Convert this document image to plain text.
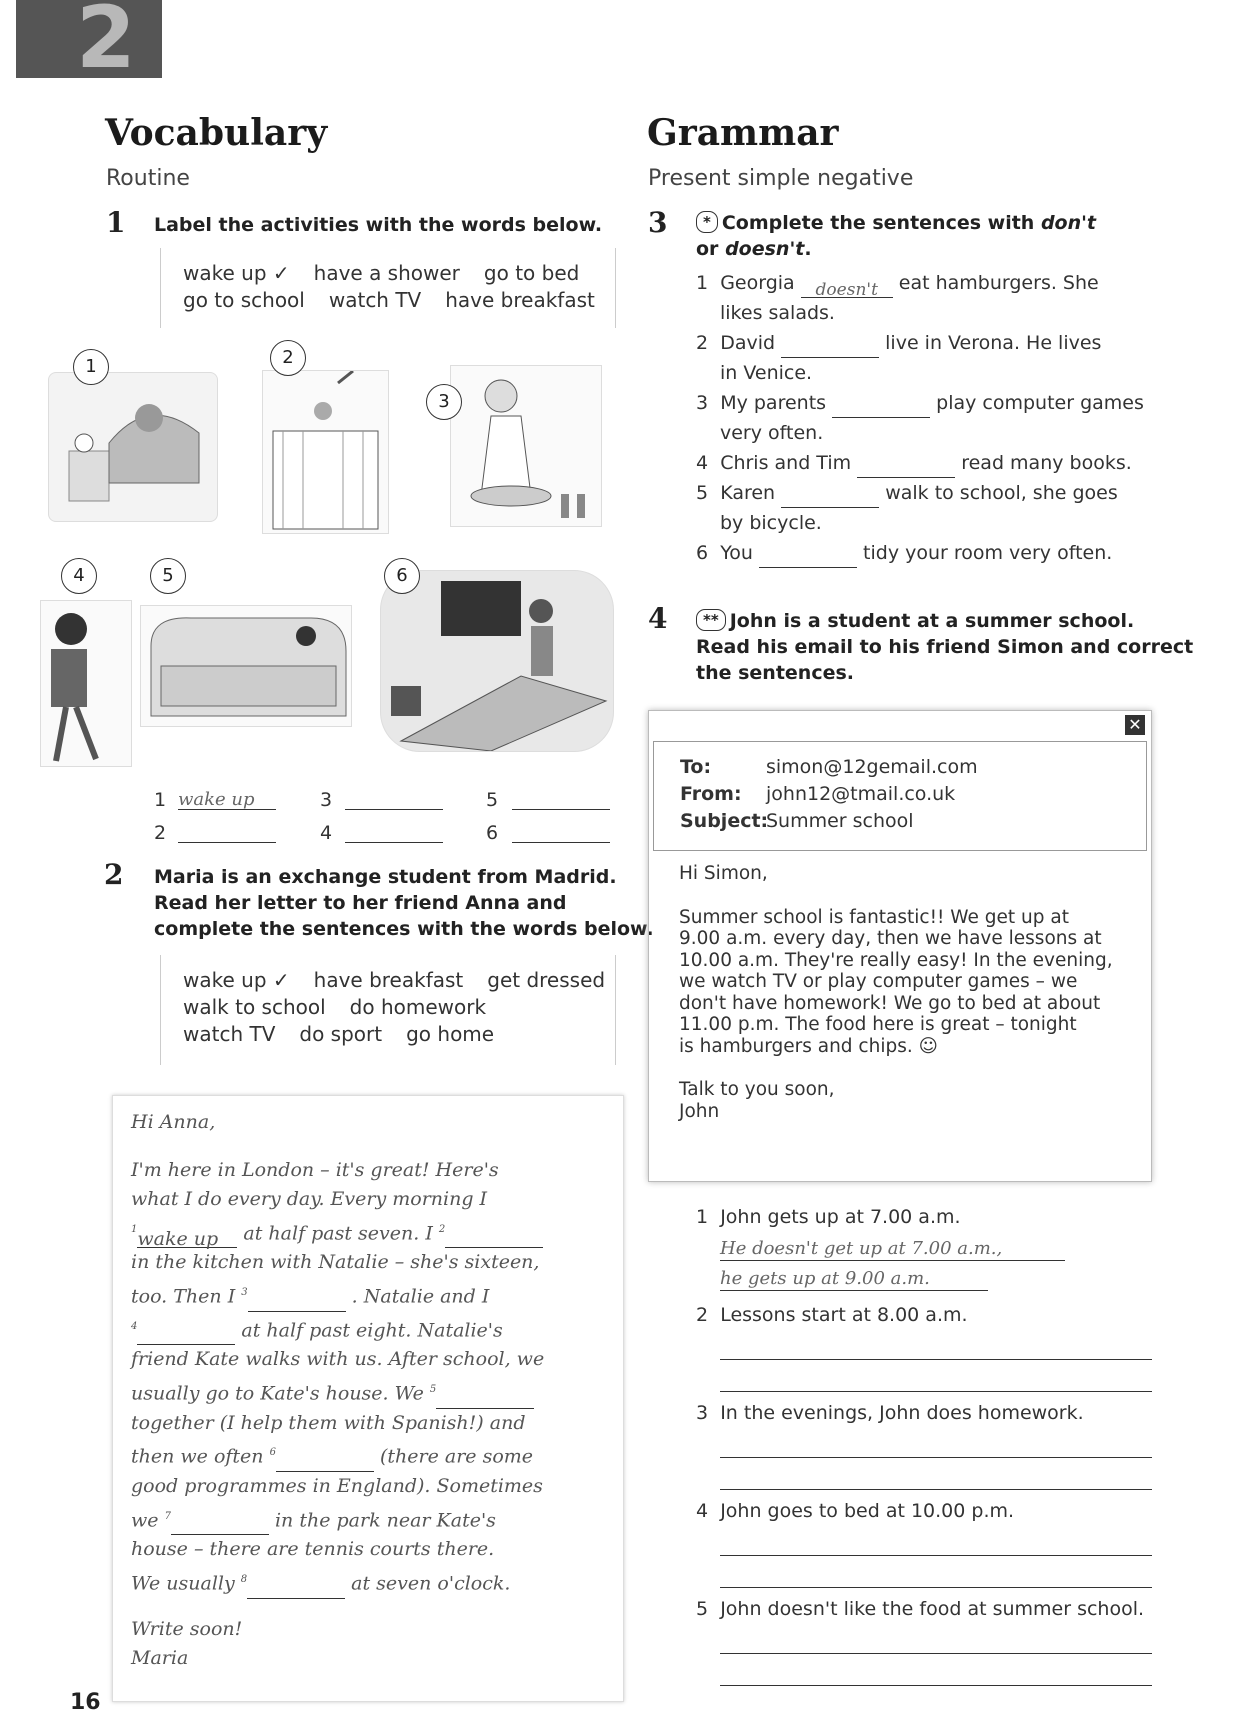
2
Vocabulary
Routine
1 Label the activities with the words below.
wake up ✓ have a shower go to bed
go to school watch TV have breakfast
1	2
3
4	5	6
1 wake up	3	5
2	4	6
2 Maria is an exchange student from Madrid.
Read her letter to her friend Anna and
complete the sentences with the words below.
wake up ✓ have breakfast get dressed
walk to school do homework
watch TV do sport go home
Hi Anna,
I'm here in London – it's great! Here's
what I do every day. Every morning I
$^1$wake up at half past seven. I $^2$
in the kitchen with Natalie – she's sixteen,
too. Then I $^3$	. Natalie and I
$^4$	at half past eight. Natalie's
friend Kate walks with us. After school, we
usually go to Kate's house. We $^5$
together (I help them with Spanish!) and
then we often $^6$	(there are some
good programmes in England). Sometimes
we $^7$	in the park near Kate's
house – there are tennis courts there.
We usually $^8$	at seven o'clock.
Write soon!
Maria
16
Grammar
Present simple negative
3	* Complete the sentences with don't
or doesn't.
1 Georgia doesn't eat hamburgers. She
likes salads.
2 David	live in Verona. He lives
in Venice.
3 My parents	play computer games
very often.
4 Chris and Tim	read many books.
5 Karen	walk to school, she goes
by bicycle.
6 You	tidy your room very often.
4	** John is a student at a summer school.
Read his email to his friend Simon and correct
the sentences.
✕
To:	simon@12gemail.com
From: john12@tmail.co.uk
Subject:Summer school
Hi Simon,
Summer school is fantastic!! We get up at
9.00 a.m. every day, then we have lessons at
10.00 a.m. They're really easy! In the evening,
we watch TV or play computer games – we
don't have homework! We go to bed at about
11.00 p.m. The food here is great – tonight
is hamburgers and chips. ☺
Talk to you soon,
John
1 John gets up at 7.00 a.m.
He doesn't get up at 7.00 a.m.,
he gets up at 9.00 a.m.
2 Lessons start at 8.00 a.m.
3 In the evenings, John does homework.
4 John goes to bed at 10.00 p.m.
5 John doesn't like the food at summer school.
